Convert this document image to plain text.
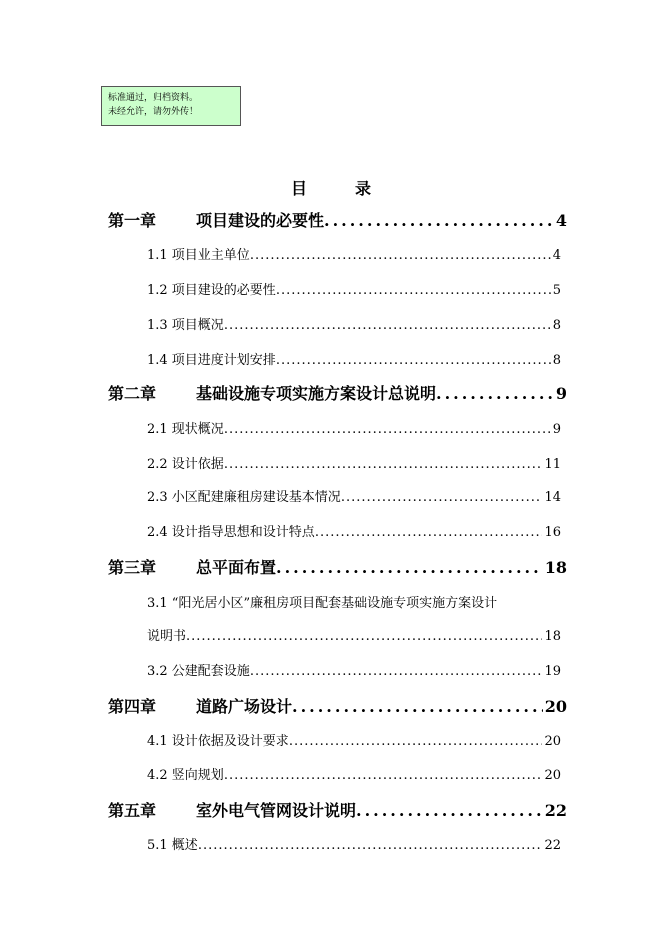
标准通过，归档资料。
未经允许，请勿外传！
目	录
第一章	项目建设的必要性 .....	4
1.1 项目业主单位 .....	4
1.2 项目建设的必要性 .....	5
1.3 项目概况 .....	8
1.4 项目进度计划安排 .....	8
第二章	基础设施专项实施方案设计总说明 .....	9
2.1 现状概况 .....	9
2.2 设计依据 .....	11
2.3 小区配建廉租房建设基本情况 .....	14
2.4 设计指导思想和设计特点 .....	16
第三章	总平面布置 .....	18
3.1 “阳光居小区”廉租房项目配套基础设施专项实施方案设计
说明书 .....	18
3.2 公建配套设施 .....	19
第四章	道路广场设计 .....	20
4.1 设计依据及设计要求 .....	20
4.2 竖向规划 .....	20
第五章	室外电气管网设计说明 .....	22
5.1 概述 .....	22
